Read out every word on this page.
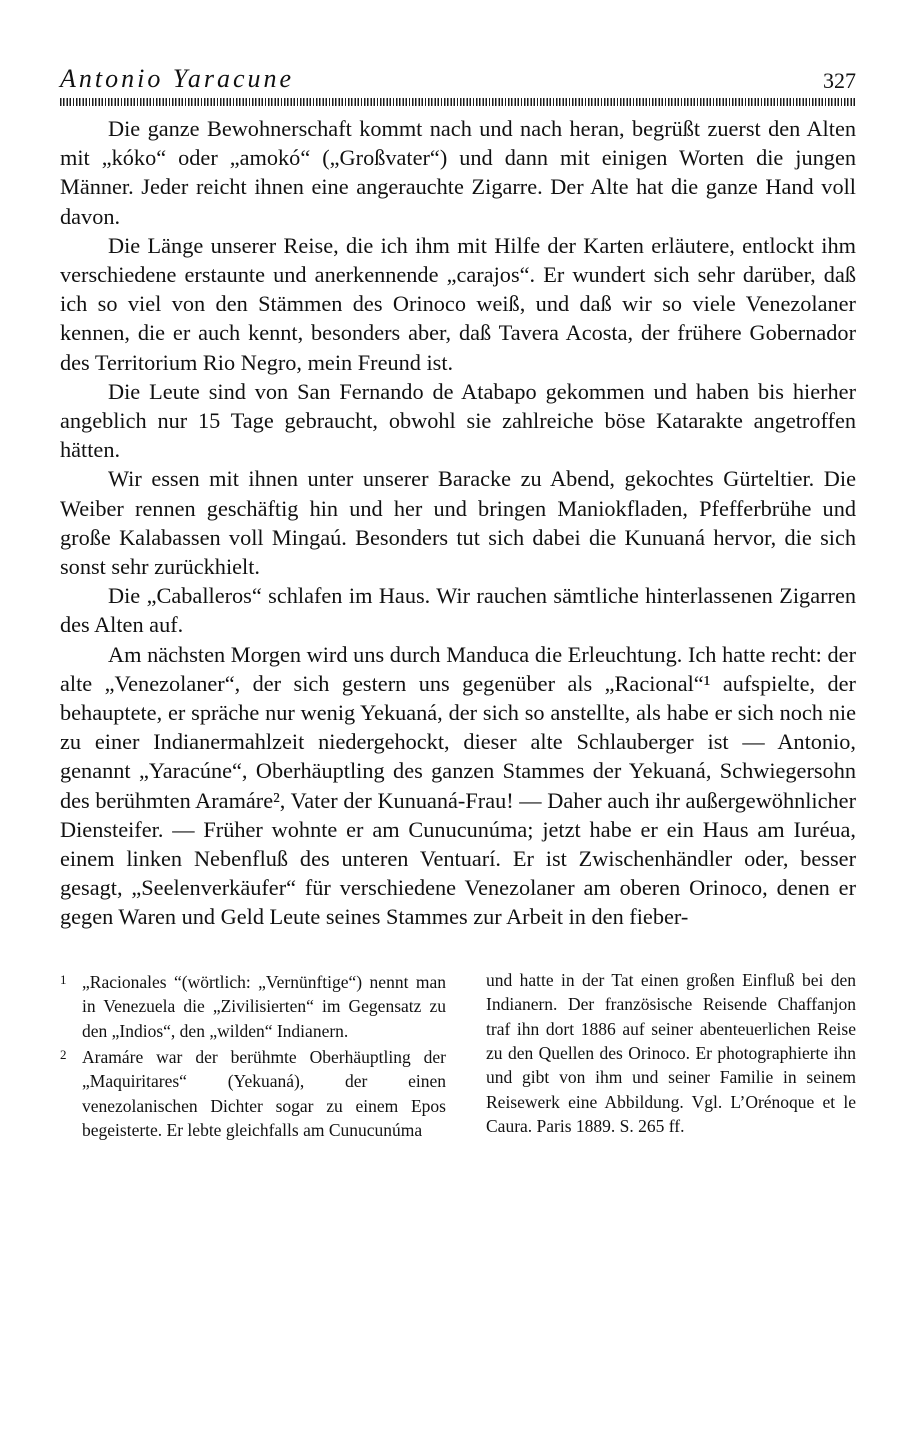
Antonio Yaracune	327

Die ganze Bewohnerschaft kommt nach und nach heran, begrüßt zuerst den Alten mit „kóko“ oder „amokó“ („Großvater“) und dann mit einigen Worten die jungen Männer. Jeder reicht ihnen eine angerauchte Zigarre. Der Alte hat die ganze Hand voll davon.

Die Länge unserer Reise, die ich ihm mit Hilfe der Karten erläutere, entlockt ihm verschiedene erstaunte und anerkennende „carajos“. Er wundert sich sehr darüber, daß ich so viel von den Stämmen des Orinoco weiß, und daß wir so viele Venezolaner kennen, die er auch kennt, besonders aber, daß Tavera Acosta, der frühere Gobernador des Territorium Rio Negro, mein Freund ist.

Die Leute sind von San Fernando de Atabapo gekommen und haben bis hierher angeblich nur 15 Tage gebraucht, obwohl sie zahlreiche böse Katarakte angetroffen hätten.

Wir essen mit ihnen unter unserer Baracke zu Abend, gekochtes Gürteltier. Die Weiber rennen geschäftig hin und her und bringen Maniokfladen, Pfefferbrühe und große Kalabassen voll Mingaú. Besonders tut sich dabei die Kunuaná hervor, die sich sonst sehr zurückhielt.

Die „Caballeros“ schlafen im Haus. Wir rauchen sämtliche hinterlassenen Zigarren des Alten auf.

Am nächsten Morgen wird uns durch Manduca die Erleuchtung. Ich hatte recht: der alte „Venezolaner“, der sich gestern uns gegenüber als „Racional“¹ aufspielte, der behauptete, er spräche nur wenig Yekuaná, der sich so anstellte, als habe er sich noch nie zu einer Indianermahlzeit niedergehockt, dieser alte Schlauberger ist — Antonio, genannt „Yaracúne“, Oberhäuptling des ganzen Stammes der Yekuaná, Schwiegersohn des berühmten Aramáre², Vater der Kunuaná-Frau! — Daher auch ihr außergewöhnlicher Diensteifer. — Früher wohnte er am Cunucunúma; jetzt habe er ein Haus am Iuréua, einem linken Nebenfluß des unteren Ventuarí. Er ist Zwischenhändler oder, besser gesagt, „Seelenverkäufer“ für verschiedene Venezolaner am oberen Orinoco, denen er gegen Waren und Geld Leute seines Stammes zur Arbeit in den fieber-

1 „Racionales “(wörtlich: „Vernünftige“) nennt man in Venezuela die „Zivilisierten“ im Gegensatz zu den „Indios“, den „wilden“ Indianern.

2 Aramáre war der berühmte Oberhäuptling der „Maquiritares“ (Yekuaná), der einen venezolanischen Dichter sogar zu einem Epos begeisterte. Er lebte gleichfalls am Cunucunúma

und hatte in der Tat einen großen Einfluß bei den Indianern. Der französische Reisende Chaffanjon traf ihn dort 1886 auf seiner abenteuerlichen Reise zu den Quellen des Orinoco. Er photographierte ihn und gibt von ihm und seiner Familie in seinem Reisewerk eine Abbildung. Vgl. L’Orénoque et le Caura. Paris 1889. S. 265 ff.
